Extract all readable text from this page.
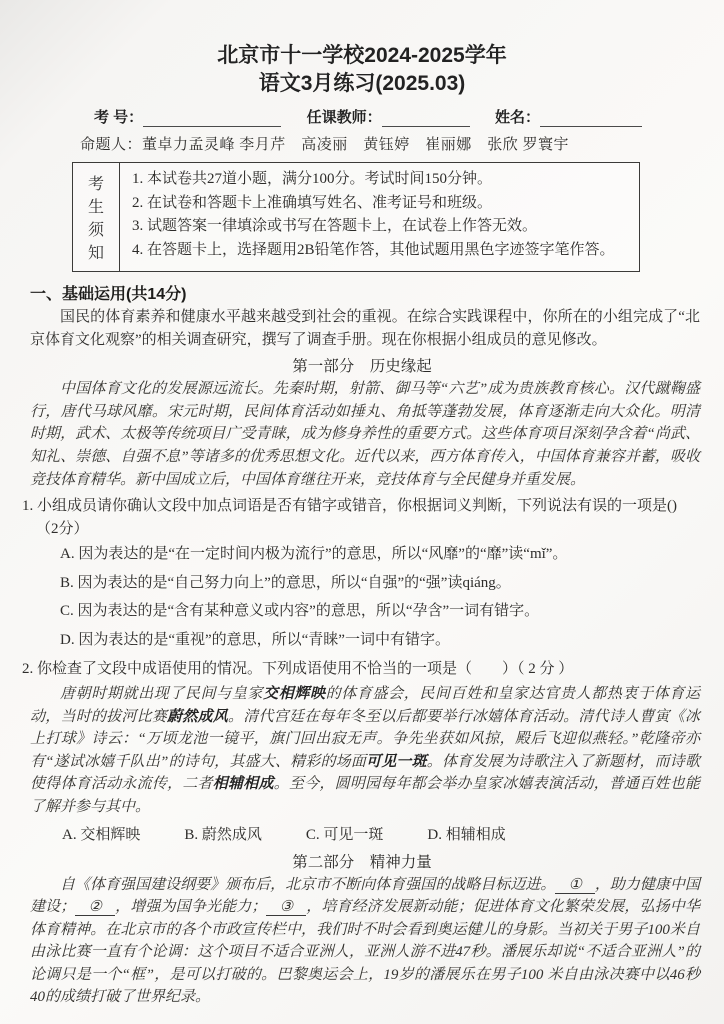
北京市十一学校2024-2025学年
语文3月练习(2025.03)
考 号：	任课教师：	姓名：
命题人：董卓力孟灵峰 李月芹　高凌丽　黄钰婷　崔丽娜　张欣 罗寰宇
考
生
须
知
1. 本试卷共27道小题，满分100分。考试时间150分钟。
2. 在试卷和答题卡上准确填写姓名、准考证号和班级。
3. 试题答案一律填涂或书写在答题卡上，在试卷上作答无效。
4. 在答题卡上，选择题用2B铅笔作答，其他试题用黑色字迹签字笔作答。
一、基础运用(共14分)
国民的体育素养和健康水平越来越受到社会的重视。在综合实践课程中，你所在的小组完成了“北京体育文化观察”的相关调查研究，撰写了调查手册。现在你根据小组成员的意见修改。
第一部分　历史缘起
中国体育文化的发展源远流长。先秦时期，射箭、御马等“六艺”成为贵族教育核心。汉代蹴鞠盛行，唐代马球风靡。宋元时期，民间体育活动如捶丸、角抵等蓬勃发展，体育逐渐走向大众化。明清时期，武术、太极等传统项目广受青睐，成为修身养性的重要方式。这些体育项目深刻孕含着“尚武、知礼、崇德、自强不息”等诸多的优秀思想文化。近代以来，西方体育传入，中国体育兼容并蓄，吸收竞技体育精华。新中国成立后，中国体育继往开来，竞技体育与全民健身并重发展。
1. 小组成员请你确认文段中加点词语是否有错字或错音，你根据词义判断，下列说法有误的一项是()
（2分）
A. 因为表达的是“在一定时间内极为流行”的意思，所以“风靡”的“靡”读“mǐ”。
B. 因为表达的是“自己努力向上”的意思，所以“自强”的“强”读qiáng。
C. 因为表达的是“含有某种意义或内容”的意思，所以“孕含”一词有错字。
D. 因为表达的是“重视”的意思，所以“青睐”一词中有错字。
2. 你检查了文段中成语使用的情况。下列成语使用不恰当的一项是（　　）（ 2 分 ）
唐朝时期就出现了民间与皇家交相辉映的体育盛会，民间百姓和皇家达官贵人都热衷于体育运动，当时的拔河比赛蔚然成风。清代宫廷在每年冬至以后都要举行冰嬉体育活动。清代诗人曹寅《冰上打球》诗云：“万顷龙池一镜平，旗门回出寂无声。争先坐获如风掠，殿后飞迎似燕轻。”乾隆帝亦有“遂试冰嬉千队出”的诗句，其盛大、精彩的场面可见一斑。体育发展为诗歌注入了新题材，而诗歌使得体育活动永流传，二者相辅相成。至今，圆明园每年都会举办皇家冰嬉表演活动，普通百姓也能了解并参与其中。
A. 交相辉映	B. 蔚然成风	C. 可见一斑	D. 相辅相成
第二部分　精神力量
自《体育强国建设纲要》颁布后，北京市不断向体育强国的战略目标迈进。 ① ，助力健康中国建设； ② ，增强为国争光能力； ③ ，培育经济发展新动能；促进体育文化繁荣发展，弘扬中华体育精神。在北京市的各个市政宣传栏中，我们时不时会看到奥运健儿的身影。当初关于男子100米自由泳比赛一直有个论调：这个项目不适合亚洲人，亚洲人游不进47秒。潘展乐却说“不适合亚洲人”的论调只是一个“框”，是可以打破的。巴黎奥运会上，19岁的潘展乐在男子100 米自由泳决赛中以46秒40的成绩打破了世界纪录。
